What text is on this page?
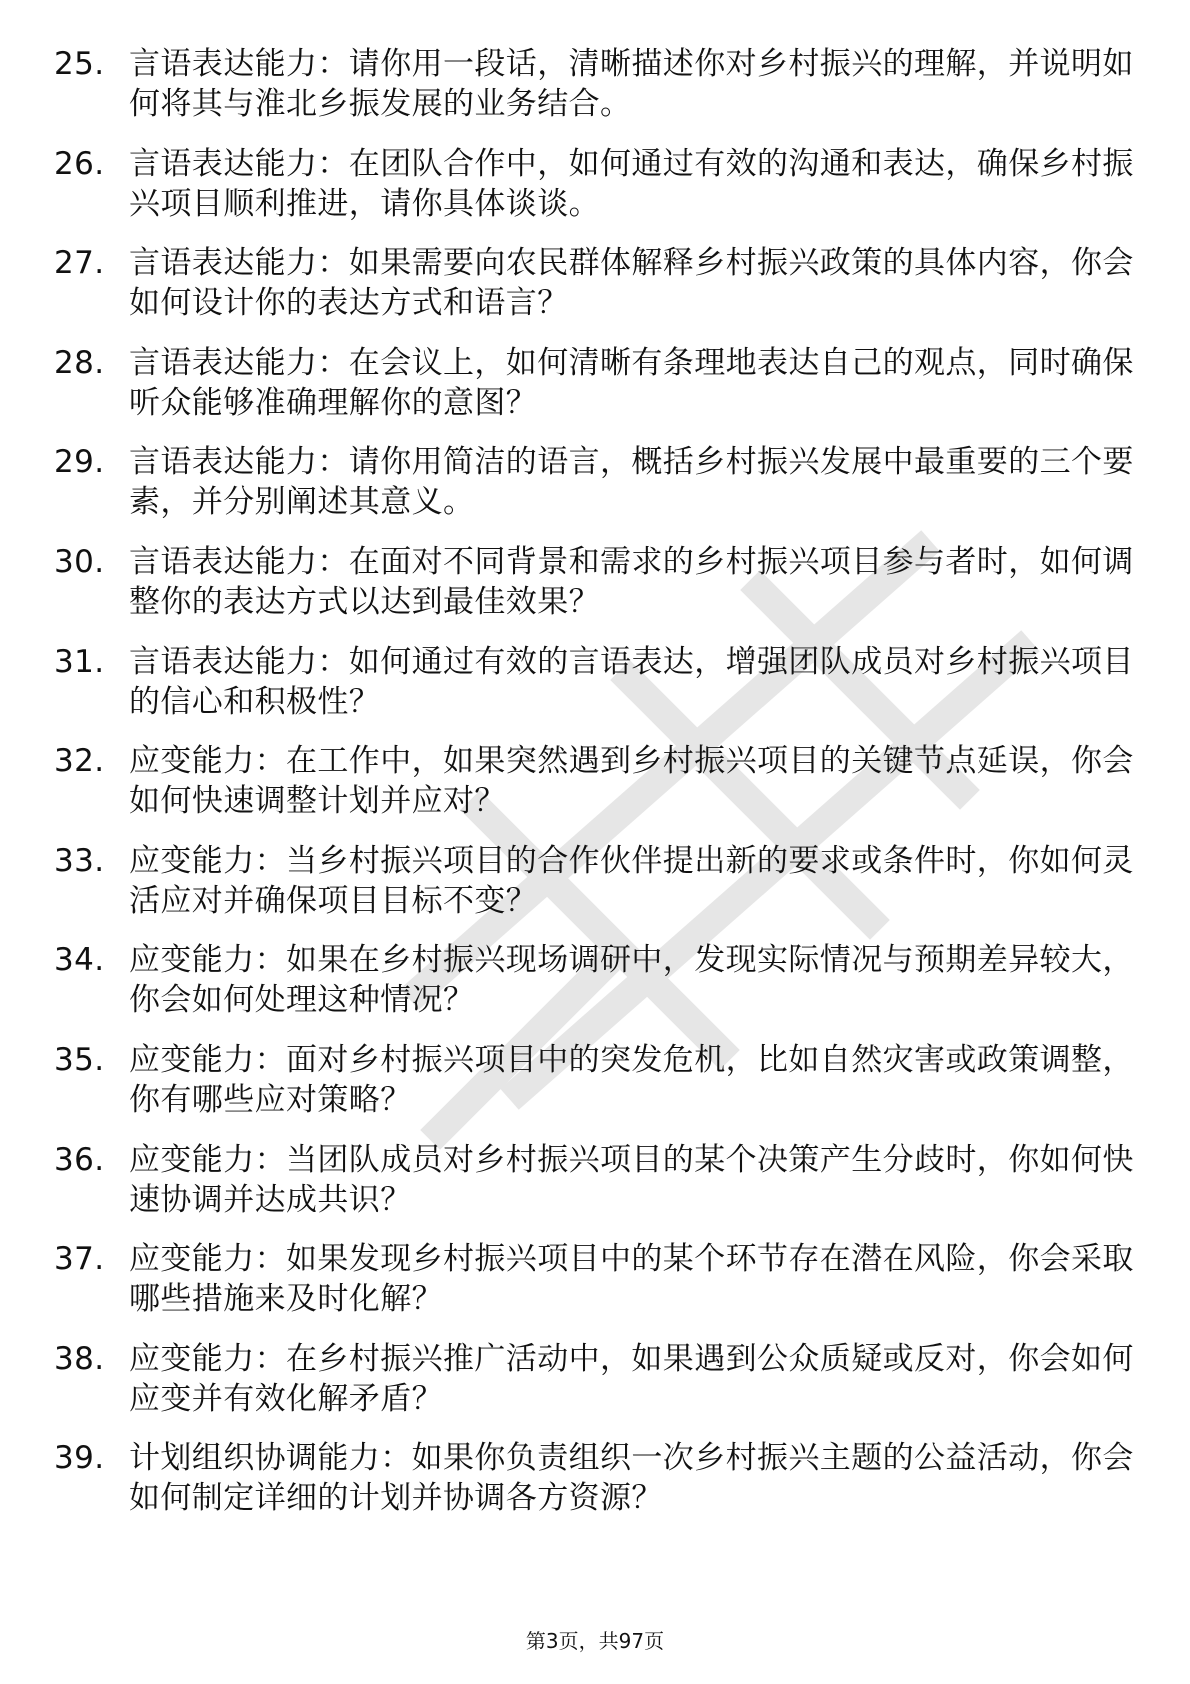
25. 言语表达能力：请你用一段话，清晰描述你对乡村振兴的理解，并说明如何将其与淮北乡振发展的业务结合。
26. 言语表达能力：在团队合作中，如何通过有效的沟通和表达，确保乡村振兴项目顺利推进，请你具体谈谈。
27. 言语表达能力：如果需要向农民群体解释乡村振兴政策的具体内容，你会如何设计你的表达方式和语言？
28. 言语表达能力：在会议上，如何清晰有条理地表达自己的观点，同时确保听众能够准确理解你的意图？
29. 言语表达能力：请你用简洁的语言，概括乡村振兴发展中最重要的三个要素，并分别阐述其意义。
30. 言语表达能力：在面对不同背景和需求的乡村振兴项目参与者时，如何调整你的表达方式以达到最佳效果？
31. 言语表达能力：如何通过有效的言语表达，增强团队成员对乡村振兴项目的信心和积极性？
32. 应变能力：在工作中，如果突然遇到乡村振兴项目的关键节点延误，你会如何快速调整计划并应对？
33. 应变能力：当乡村振兴项目的合作伙伴提出新的要求或条件时，你如何灵活应对并确保项目目标不变？
34. 应变能力：如果在乡村振兴现场调研中，发现实际情况与预期差异较大，你会如何处理这种情况？
35. 应变能力：面对乡村振兴项目中的突发危机，比如自然灾害或政策调整，你有哪些应对策略？
36. 应变能力：当团队成员对乡村振兴项目的某个决策产生分歧时，你如何快速协调并达成共识？
37. 应变能力：如果发现乡村振兴项目中的某个环节存在潜在风险，你会采取哪些措施来及时化解？
38. 应变能力：在乡村振兴推广活动中，如果遇到公众质疑或反对，你会如何应变并有效化解矛盾？
39. 计划组织协调能力：如果你负责组织一次乡村振兴主题的公益活动，你会如何制定详细的计划并协调各方资源？
第3页，共97页
